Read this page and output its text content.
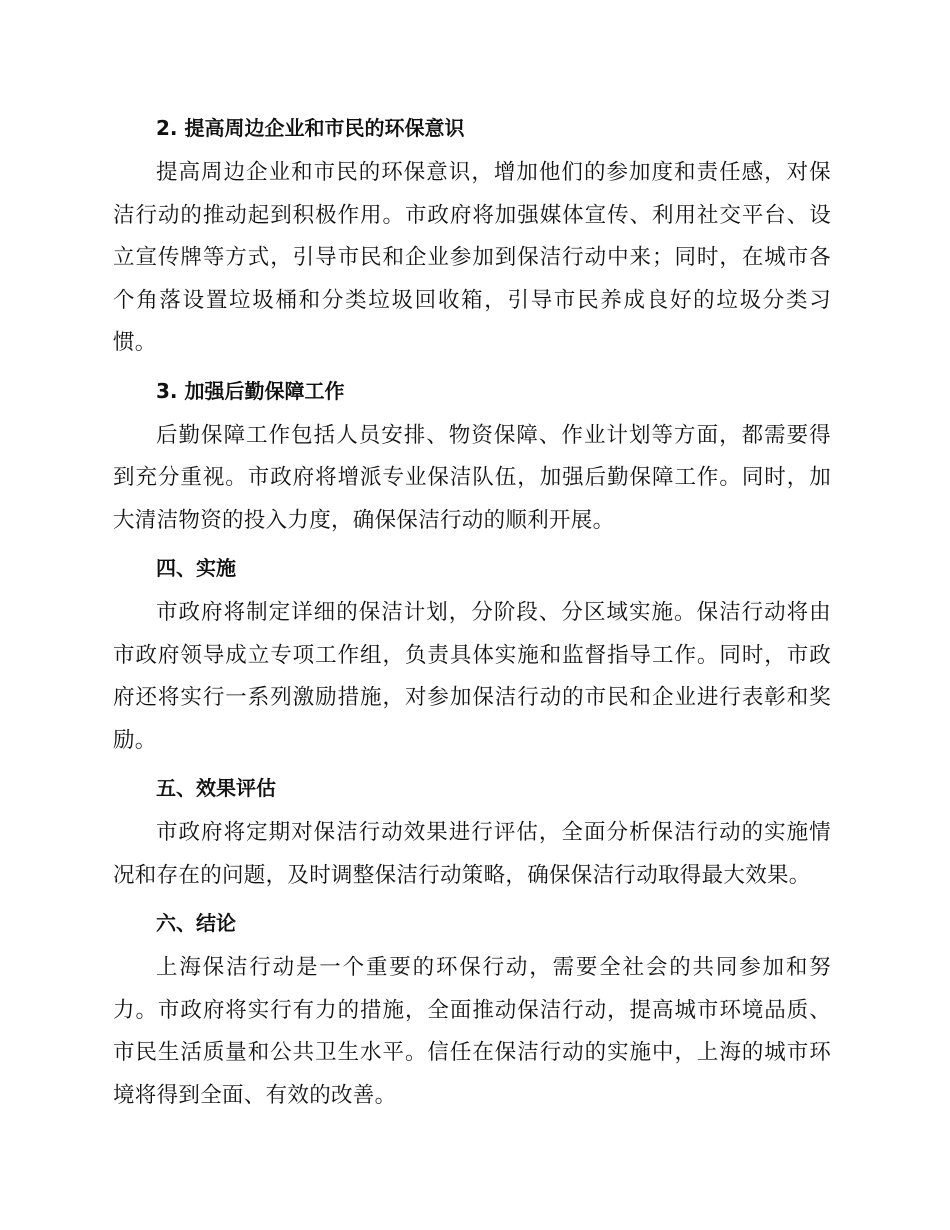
2. 提高周边企业和市民的环保意识

提高周边企业和市民的环保意识，增加他们的参加度和责任感，对保洁行动的推动起到积极作用。市政府将加强媒体宣传、利用社交平台、设立宣传牌等方式，引导市民和企业参加到保洁行动中来；同时，在城市各个角落设置垃圾桶和分类垃圾回收箱，引导市民养成良好的垃圾分类习惯。

3. 加强后勤保障工作

后勤保障工作包括人员安排、物资保障、作业计划等方面，都需要得到充分重视。市政府将增派专业保洁队伍，加强后勤保障工作。同时，加大清洁物资的投入力度，确保保洁行动的顺利开展。

四、实施

市政府将制定详细的保洁计划，分阶段、分区域实施。保洁行动将由市政府领导成立专项工作组，负责具体实施和监督指导工作。同时，市政府还将实行一系列激励措施，对参加保洁行动的市民和企业进行表彰和奖励。

五、效果评估

市政府将定期对保洁行动效果进行评估，全面分析保洁行动的实施情况和存在的问题，及时调整保洁行动策略，确保保洁行动取得最大效果。

六、结论

上海保洁行动是一个重要的环保行动，需要全社会的共同参加和努力。市政府将实行有力的措施，全面推动保洁行动，提高城市环境品质、市民生活质量和公共卫生水平。信任在保洁行动的实施中，上海的城市环境将得到全面、有效的改善。
